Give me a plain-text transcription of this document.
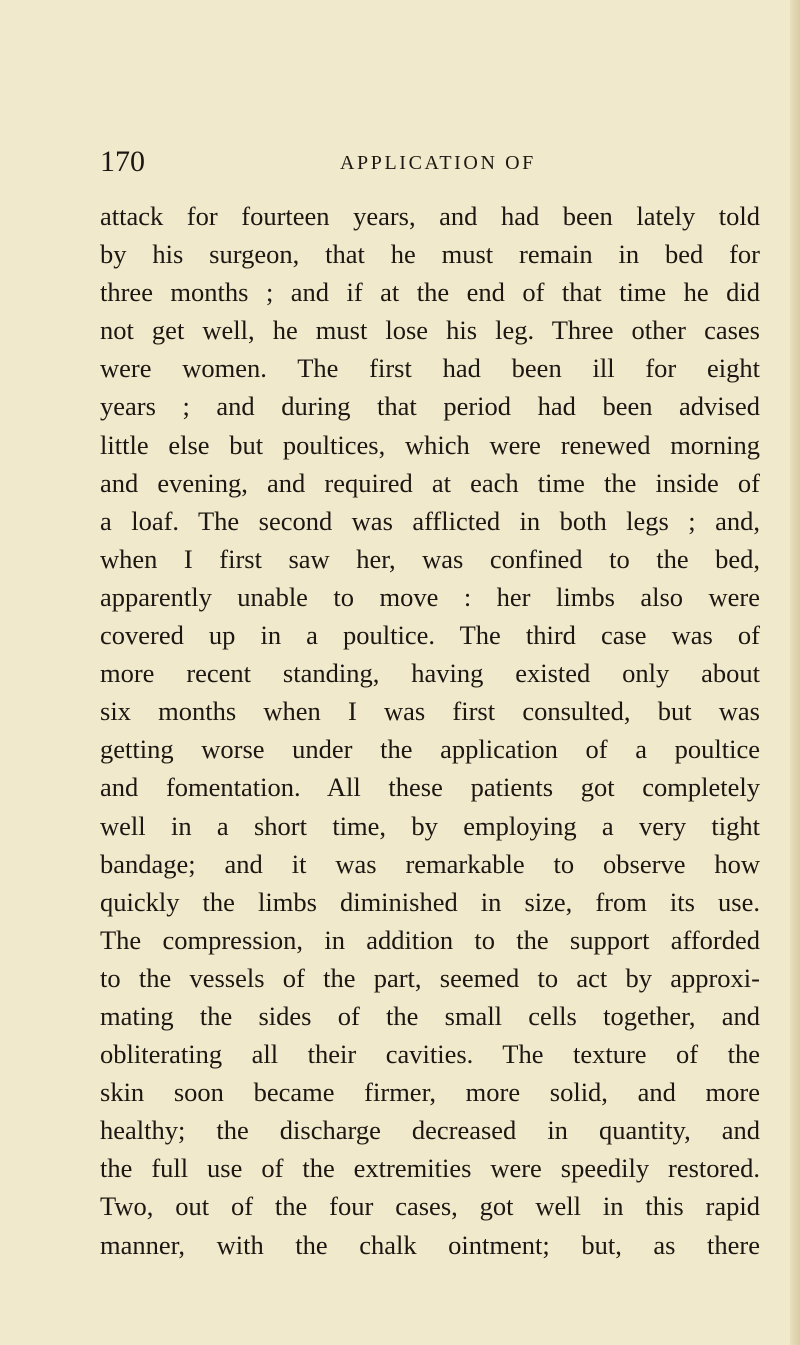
170	APPLICATION OF
attack for fourteen years, and had been lately told
by his surgeon, that he must remain in bed for
three months ; and if at the end of that time he did
not get well, he must lose his leg. Three other cases
were women. The first had been ill for eight
years ; and during that period had been advised
little else but poultices, which were renewed morning
and evening, and required at each time the inside of
a loaf. The second was afflicted in both legs ; and,
when I first saw her, was confined to the bed,
apparently unable to move : her limbs also were
covered up in a poultice. The third case was of
more recent standing, having existed only about
six months when I was first consulted, but was
getting worse under the application of a poultice
and fomentation. All these patients got completely
well in a short time, by employing a very tight
bandage; and it was remarkable to observe how
quickly the limbs diminished in size, from its use.
The compression, in addition to the support afforded
to the vessels of the part, seemed to act by approxi-
mating the sides of the small cells together, and
obliterating all their cavities. The texture of the
skin soon became firmer, more solid, and more
healthy; the discharge decreased in quantity, and
the full use of the extremities were speedily restored.
Two, out of the four cases, got well in this rapid
manner, with the chalk ointment; but, as there
